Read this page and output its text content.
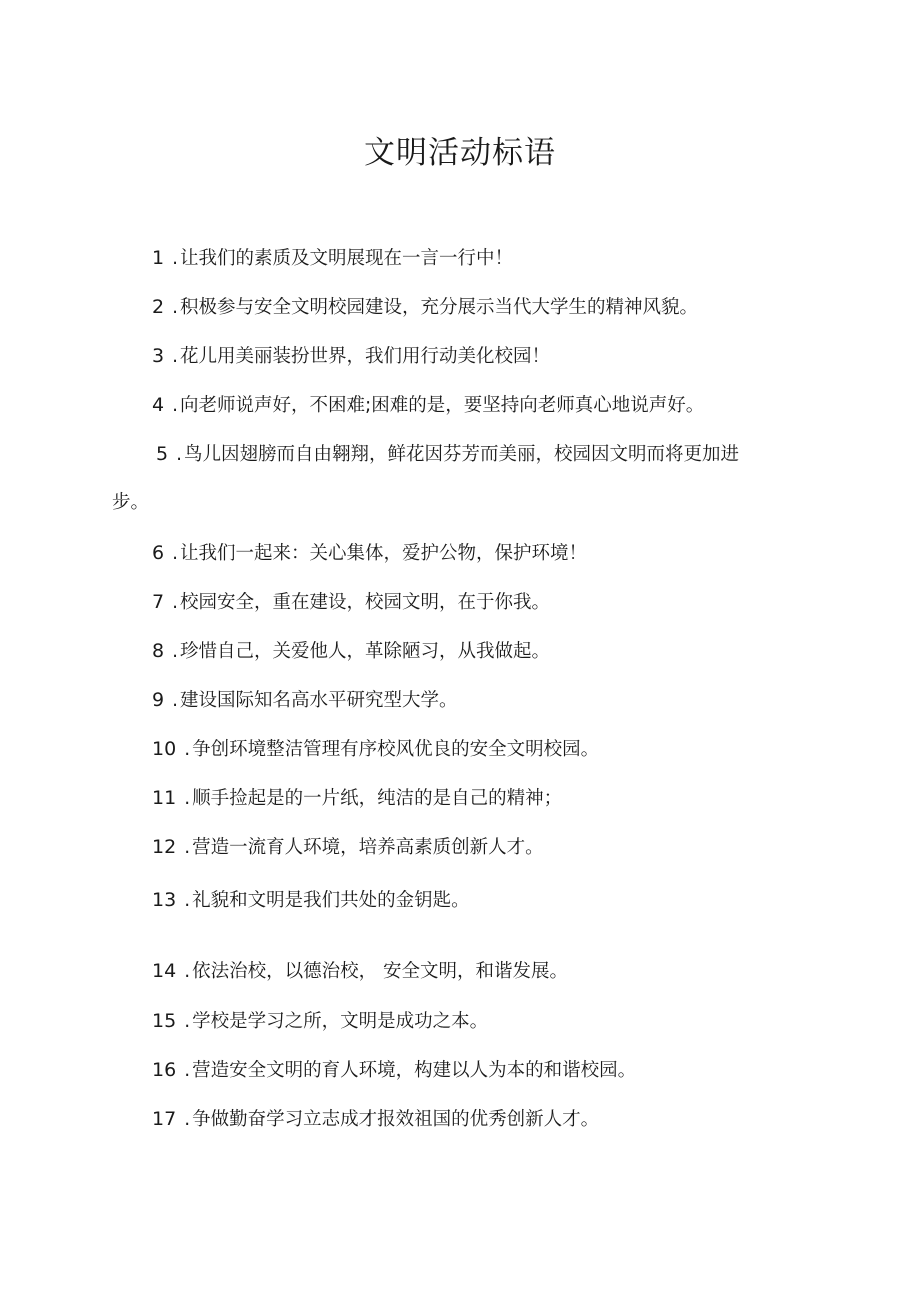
文明活动标语
1 . 让我们的素质及文明展现在一言一行中！
2 . 积极参与安全文明校园建设，充分展示当代大学生的精神风貌。
3 . 花儿用美丽装扮世界，我们用行动美化校园！
4 . 向老师说声好，不困难;困难的是，要坚持向老师真心地说声好。
5 . 鸟儿因翅膀而自由翱翔，鲜花因芬芳而美丽，校园因文明而将更加进
步。
6 . 让我们一起来：关心集体，爱护公物，保护环境！
7 . 校园安全，重在建设，校园文明，在于你我。
8 . 珍惜自己，关爱他人，革除陋习，从我做起。
9 . 建设国际知名高水平研究型大学。
10 . 争创环境整洁管理有序校风优良的安全文明校园。
11 . 顺手捡起是的一片纸，纯洁的是自己的精神；
12 . 营造一流育人环境，培养高素质创新人才。
13 . 礼貌和文明是我们共处的金钥匙。
14 . 依法治校，以德治校， 安全文明，和谐发展。
15 . 学校是学习之所，文明是成功之本。
16 . 营造安全文明的育人环境，构建以人为本的和谐校园。
17 . 争做勤奋学习立志成才报效祖国的优秀创新人才。
